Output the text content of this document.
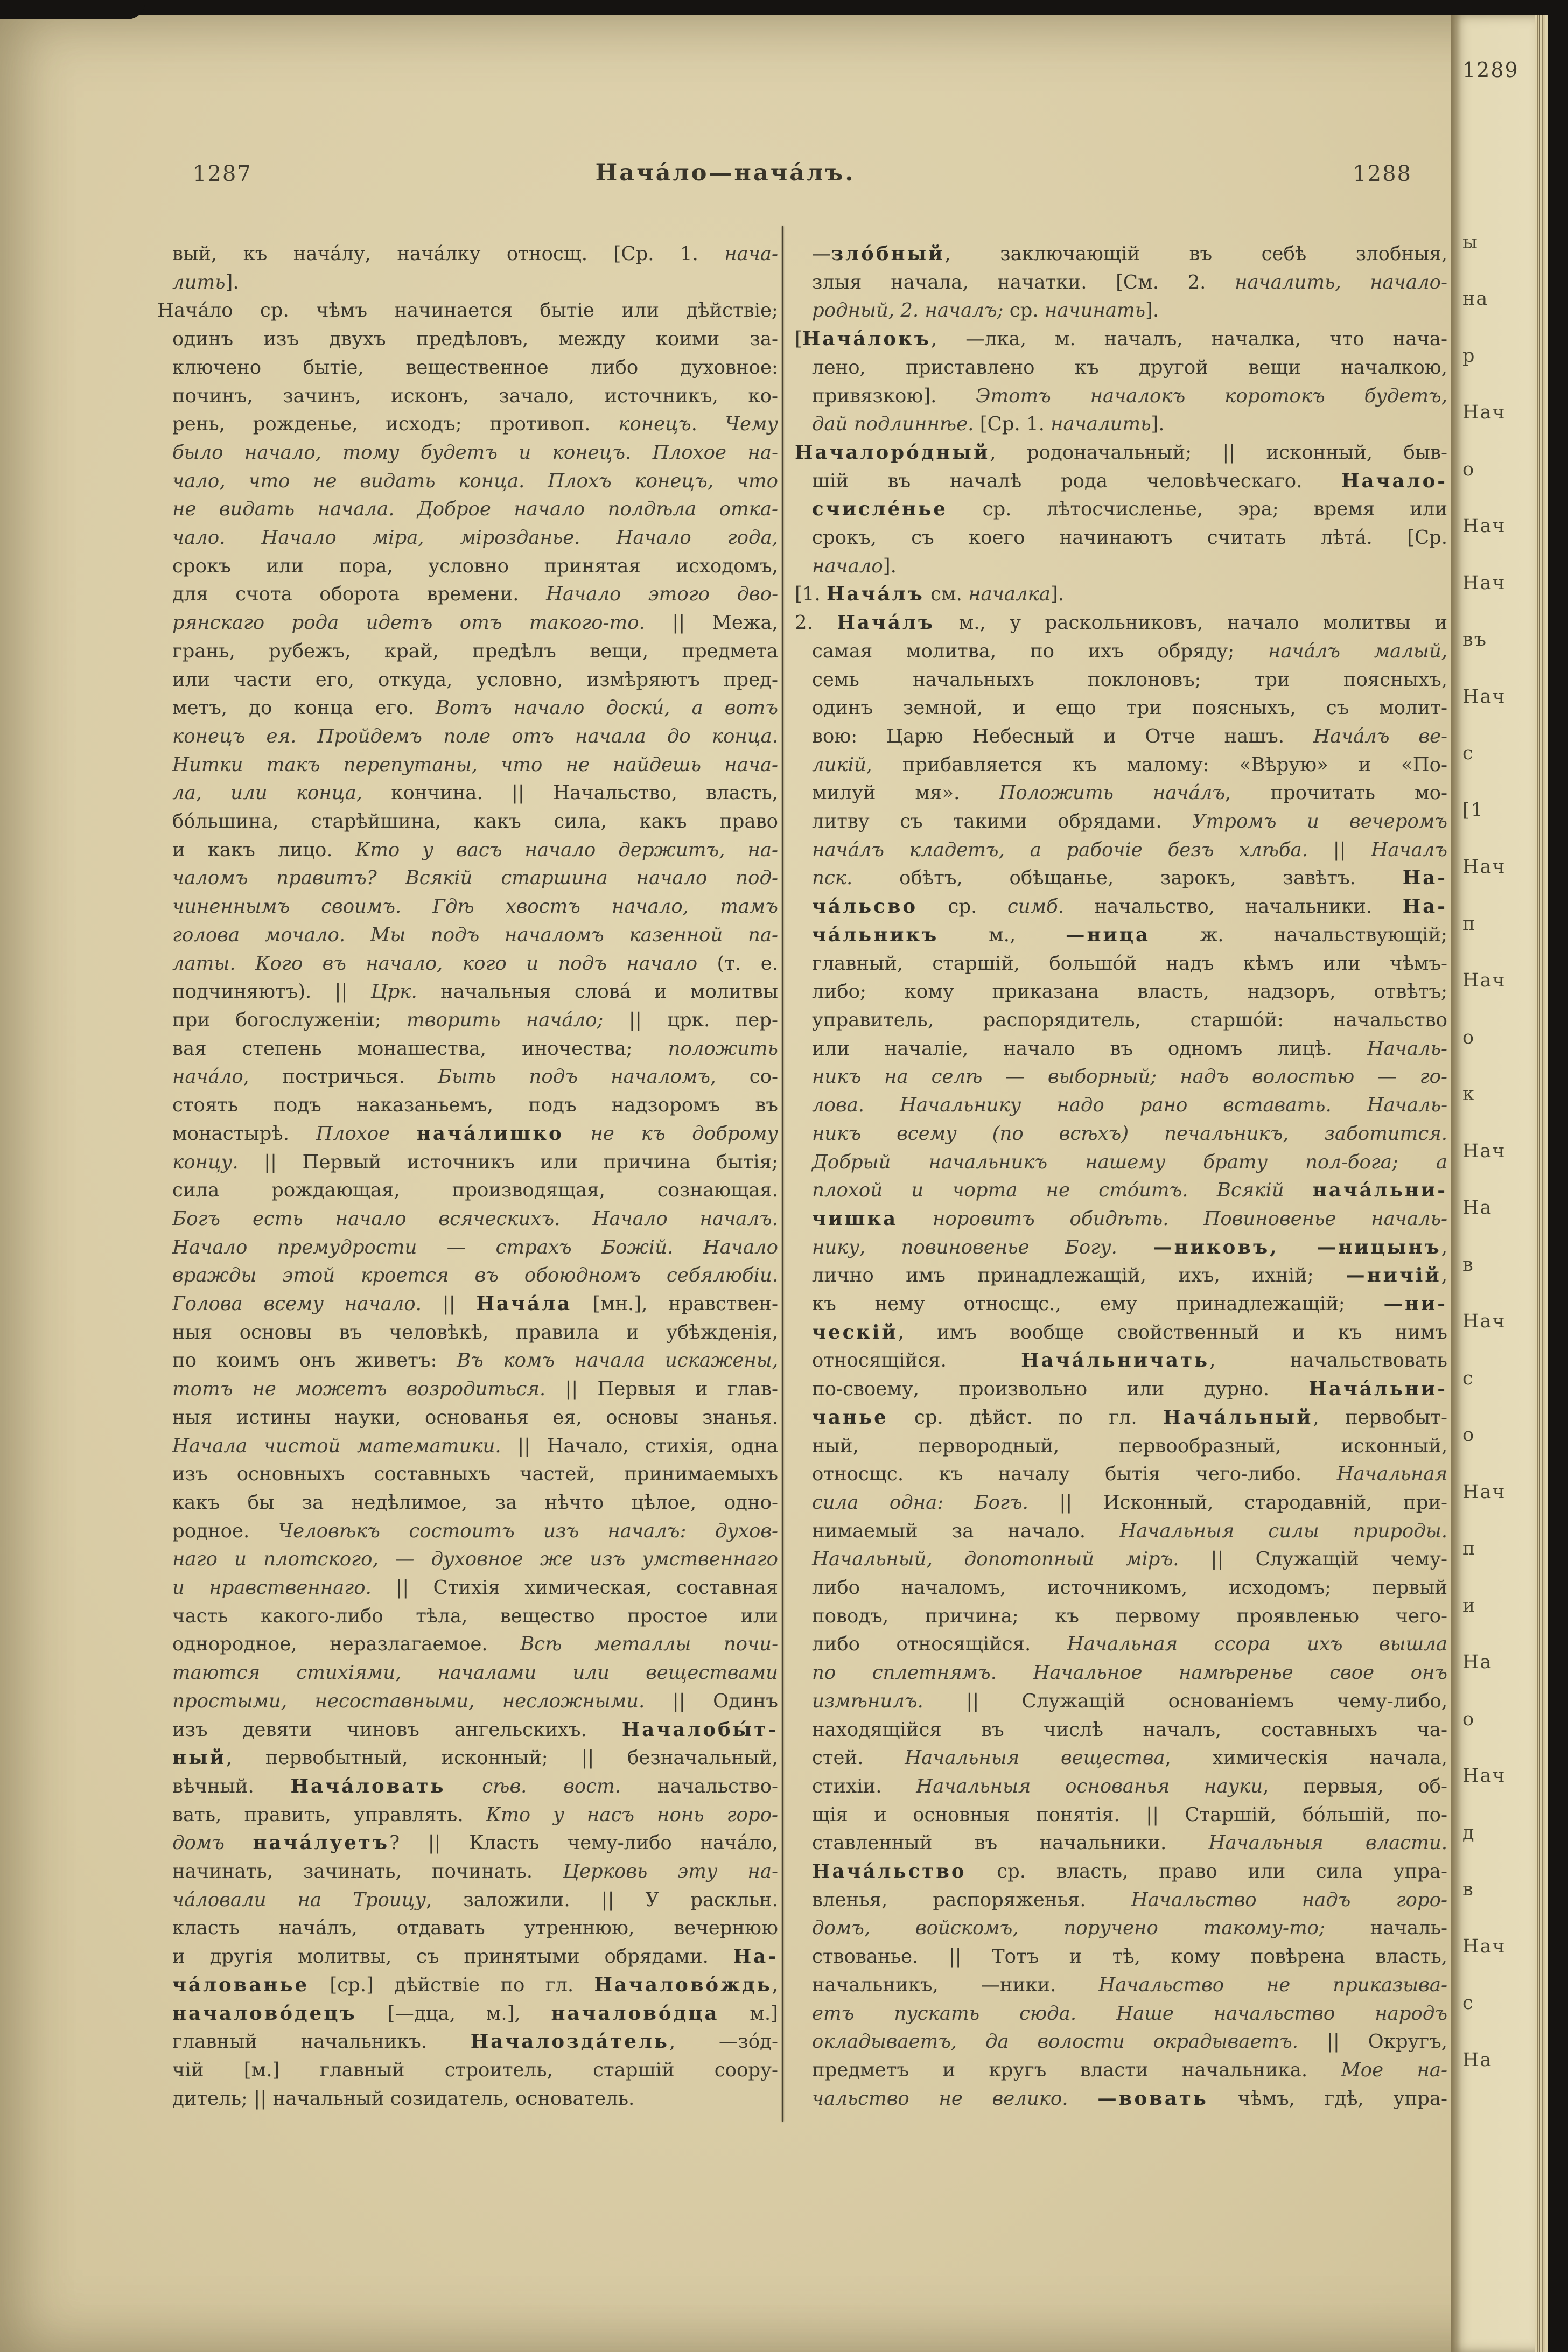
1287	Нача́ло—нача́лъ.	1288
вый, къ нача́лу, нача́лку относщ. [Ср. 1. нача-
лить].
Нача́ло ср. чѣмъ начинается бытіе или дѣйствіе;
одинъ изъ двухъ предѣловъ, между коими за-
ключено бытіе, вещественное либо духовное:
починъ, зачинъ, исконъ, зачало, источникъ, ко-
рень, рожденье, исходъ; противоп. конецъ. Чему
было начало, тому будетъ и конецъ. Плохое на-
чало, что не видать конца. Плохъ конецъ, что
не видать начала. Доброе начало полдѣла отка-
чало. Начало міра, мірозданье. Начало года,
срокъ или пора, условно принятая исходомъ,
для счота оборота времени. Начало этого дво-
рянскаго рода идетъ отъ такого-то. || Межа,
грань, рубежъ, край, предѣлъ вещи, предмета
или части его, откуда, условно, измѣряютъ пред-
метъ, до конца его. Вотъ начало доски́, а вотъ
конецъ ея. Пройдемъ поле отъ начала до конца.
Нитки такъ перепутаны, что не найдешь нача-
ла, или конца, кончина. || Начальство, власть,
бо́льшина, старѣйшина, какъ сила, какъ право
и какъ лицо. Кто у васъ начало держитъ, на-
чаломъ правитъ? Всякій старшина начало под-
чиненнымъ своимъ. Гдѣ хвостъ начало, тамъ
голова мочало. Мы подъ началомъ казенной па-
латы. Кого въ начало, кого и подъ начало (т. е.
подчиняютъ). || Црк. начальныя слова́ и молитвы
при богослуженіи; творить нача́ло; || црк. пер-
вая степень монашества, иночества; положить
нача́ло, постричься. Быть подъ началомъ, со-
стоять подъ наказаньемъ, подъ надзоромъ въ
монастырѣ. Плохое нача́лишко не къ доброму
концу. || Первый источникъ или причина бытія;
сила рождающая, производящая, сознающая.
Богъ есть начало всяческихъ. Начало началъ.
Начало премудрости — страхъ Божій. Начало
вражды этой кроется въ обоюдномъ себялюбіи.
Голова всему начало. || Нача́ла [мн.], нравствен-
ныя основы въ человѣкѣ, правила и убѣжденія,
по коимъ онъ живетъ: Въ комъ начала искажены,
тотъ не можетъ возродиться. || Первыя и глав-
ныя истины науки, основанья ея, основы знанья.
Начала чистой математики. || Начало, стихія, одна
изъ основныхъ составныхъ частей, принимаемыхъ
какъ бы за недѣлимое, за нѣчто цѣлое, одно-
родное. Человѣкъ состоитъ изъ началъ: духов-
наго и плотского, — духовное же изъ умственнаго
и нравственнаго. || Стихія химическая, составная
часть какого-либо тѣла, вещество простое или
однородное, неразлагаемое. Всѣ металлы почи-
таются стихіями, началами или веществами
простыми, несоставными, несложными. || Одинъ
изъ девяти чиновъ ангельскихъ. Началобы́т-
ный, первобытный, исконный; || безначальный,
вѣчный. Нача́ловать сѣв. вост. начальство-
вать, править, управлять. Кто у насъ нонь горо-
домъ нача́луетъ? || Класть чему-либо нача́ло,
начинать, зачинать, починать. Церковь эту на-
ча́ловали на Троицу, заложили. || У раскльн.
класть нача́лъ, отдавать утреннюю, вечернюю
и другія молитвы, съ принятыми обрядами. На-
ча́лованье [ср.] дѣйствіе по гл. Началово́ждь,
началово́децъ [—дца, м.], началово́дца м.]
главный начальникъ. Началозда́тель, —зо́д-
чій [м.] главный строитель, старшій соору-
дитель; || начальный созидатель, основатель.
—зло́бный, заключающій въ себѣ злобныя,
злыя начала, начатки. [См. 2. началить, начало-
родный, 2. началъ; ср. начинать].
[Нача́локъ, —лка, м. началъ, началка, что нача-
лено, приставлено къ другой вещи началкою,
привязкою]. Этотъ началокъ коротокъ будетъ,
дай подлиннѣе. [Ср. 1. началить].
Началоро́дный, родоначальный; || исконный, быв-
шій въ началѣ рода человѣческаго. Начало-
счисле́нье ср. лѣтосчисленье, эра; время или
срокъ, съ коего начинаютъ считать лѣта́. [Ср.
начало].
[1. Нача́лъ см. началка].
2. Нача́лъ м., у раскольниковъ, начало молитвы и
самая молитва, по ихъ обряду; нача́лъ малый,
семь начальныхъ поклоновъ; три поясныхъ,
одинъ земной, и ещо три поясныхъ, съ молит-
вою: Царю Небесный и Отче нашъ. Нача́лъ ве-
ликій, прибавляется къ малому: «Вѣрую» и «По-
милуй мя». Положить нача́лъ, прочитать мо-
литву съ такими обрядами. Утромъ и вечеромъ
нача́лъ кладетъ, а рабочіе безъ хлѣба. || Началъ
пск. обѣтъ, обѣщанье, зарокъ, завѣтъ. На-
ча́льсво ср. симб. начальство, начальники. На-
ча́льникъ м., —ница ж. начальствующій;
главный, старшій, большо́й надъ кѣмъ или чѣмъ-
либо; кому приказана власть, надзоръ, отвѣтъ;
управитель, распорядитель, старшо́й: начальство
или началіе, начало въ одномъ лицѣ. Началь-
никъ на селѣ — выборный; надъ волостью — го-
лова. Начальнику надо рано вставать. Началь-
никъ всему (по всѣхъ) печальникъ, заботится.
Добрый начальникъ нашему брату пол-бога; а
плохой и чорта не сто́итъ. Всякій нача́льни-
чишка норовитъ обидѣть. Повиновенье началь-
нику, повиновенье Богу. —никовъ, —ницынъ,
лично имъ принадлежащій, ихъ, ихній; —ничій,
къ нему относщс., ему принадлежащій; —ни-
ческій, имъ вообще свойственный и къ нимъ
относящійся. Нача́льничать, начальствовать
по-своему, произвольно или дурно. Нача́льни-
чанье ср. дѣйст. по гл. Нача́льный, первобыт-
ный, первородный, первообразный, исконный,
относщс. къ началу бытія чего-либо. Начальная
сила одна: Богъ. || Исконный, стародавній, при-
нимаемый за начало. Начальныя силы природы.
Начальный, допотопный міръ. || Служащій чему-
либо началомъ, источникомъ, исходомъ; первый
поводъ, причина; къ первому проявленью чего-
либо относящійся. Начальная ссора ихъ вышла
по сплетнямъ. Начальное намѣренье свое онъ
измѣнилъ. || Служащій основаніемъ чему-либо,
находящійся въ числѣ началъ, составныхъ ча-
стей. Начальныя вещества, химическія начала,
стихіи. Начальныя основанья науки, первыя, об-
щія и основныя понятія. || Старшій, бо́льшій, по-
ставленный въ начальники. Начальныя власти.
Нача́льство ср. власть, право или сила упра-
вленья, распоряженья. Начальство надъ горо-
домъ, войскомъ, поручено такому-то; началь-
ствованье. || Тотъ и тѣ, кому повѣрена власть,
начальникъ, —ники. Начальство не приказыва-
етъ пускать сюда. Наше начальство народъ
окладываетъ, да волости окрадываетъ. || Округъ,
предметъ и кругъ власти начальника. Мое на-
чальство не велико. —вовать чѣмъ, гдѣ, упра-
1289
ы
на
р
Нач
о
Нач
Нач
въ
Нач
с
[1
Нач
п
Нач
о
к
Нач
На
в
Нач
с
о
Нач
п
и
На
о
Нач
д
в
Нач
с
На
